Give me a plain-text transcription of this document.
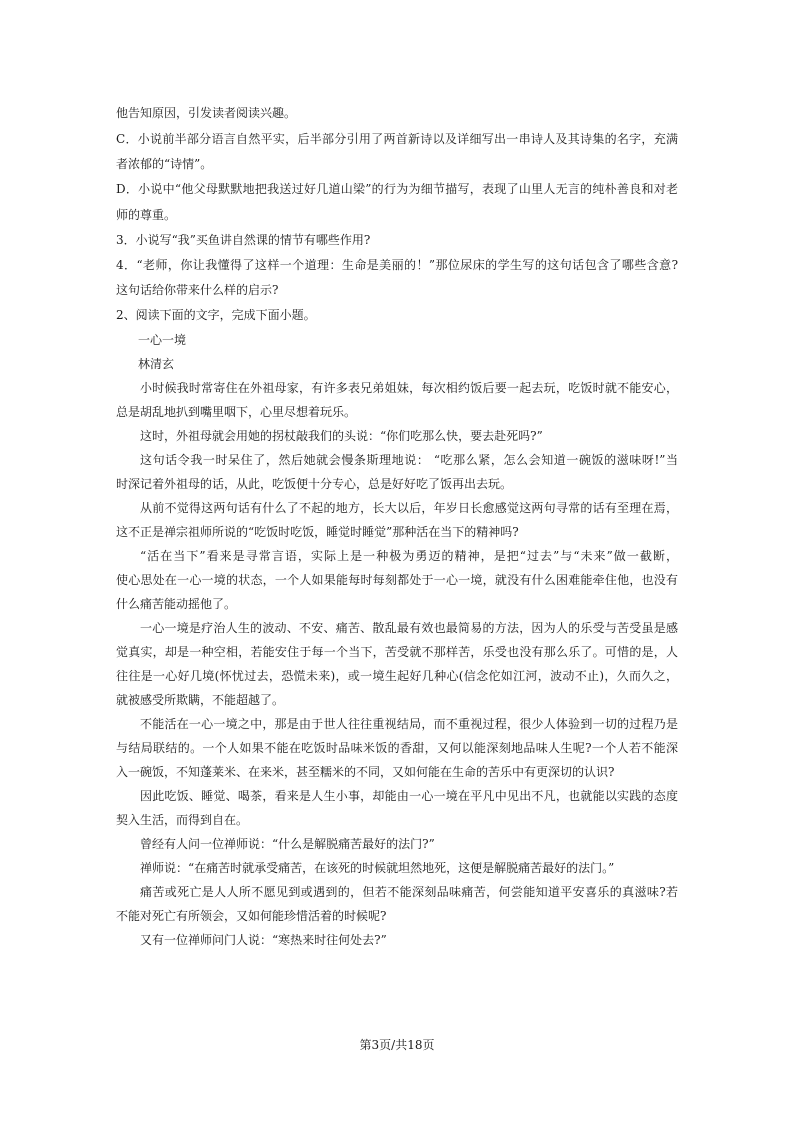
他告知原因，引发读者阅读兴趣。
C．小说前半部分语言自然平实，后半部分引用了两首新诗以及详细写出一串诗人及其诗集的名字，充满
者浓郁的“诗情”。
D．小说中“他父母默默地把我送过好几道山梁”的行为为细节描写，表现了山里人无言的纯朴善良和对老
师的尊重。
3．小说写“我”买鱼讲自然课的情节有哪些作用?
4．“老师，你让我懂得了这样一个道理：生命是美丽的！”那位尿床的学生写的这句话包含了哪些含意?
这句话给你带来什么样的启示?
2、阅读下面的文字，完成下面小题。
一心一境
林清玄
小时候我时常寄住在外祖母家，有许多表兄弟姐妹，每次相约饭后要一起去玩，吃饭时就不能安心，
总是胡乱地扒到嘴里咽下，心里尽想着玩乐。
这时，外祖母就会用她的拐杖敲我们的头说：“你们吃那么快，要去赴死吗?”
这句话令我一时呆住了，然后她就会慢条斯理地说： “吃那么紧，怎么会知道一碗饭的滋味呀!”当
时深记着外祖母的话，从此，吃饭便十分专心，总是好好吃了饭再出去玩。
从前不觉得这两句话有什么了不起的地方，长大以后，年岁日长愈感觉这两句寻常的话有至理在焉，
这不正是禅宗祖师所说的“吃饭时吃饭，睡觉时睡觉”那种活在当下的精神吗?
“活在当下”看来是寻常言语，实际上是一种极为勇迈的精神，是把“过去”与“未来”做一截断，
使心思处在一心一境的状态，一个人如果能每时每刻都处于一心一境，就没有什么困难能牵住他，也没有
什么痛苦能动摇他了。
一心一境是疗治人生的波动、不安、痛苦、散乱最有效也最简易的方法，因为人的乐受与苦受虽是感
觉真实，却是一种空相，若能安住于每一个当下，苦受就不那样苦，乐受也没有那么乐了。可惜的是，人
往往是一心好几境(怀忧过去，恐慌未来)，或一境生起好几种心(信念佗如江河，波动不止)，久而久之，
就被感受所欺瞒，不能超越了。
不能活在一心一境之中，那是由于世人往往重视结局，而不重视过程，很少人体验到一切的过程乃是
与结局联结的。一个人如果不能在吃饭时品味米饭的香甜，又何以能深刻地品味人生呢?一个人若不能深
入一碗饭，不知蓬莱米、在来米，甚至糯米的不同，又如何能在生命的苦乐中有更深切的认识?
因此吃饭、睡觉、喝茶，看来是人生小事，却能由一心一境在平凡中见出不凡，也就能以实践的态度
契入生活，而得到自在。
曾经有人问一位禅师说：“什么是解脱痛苦最好的法门?”
禅师说：“在痛苦时就承受痛苦，在该死的时候就坦然地死，这便是解脱痛苦最好的法门。”
痛苦或死亡是人人所不愿见到或遇到的，但若不能深刻品味痛苦，何尝能知道平安喜乐的真滋味?若
不能对死亡有所领会，又如何能珍惜活着的时候呢?
又有一位禅师问门人说：“寒热来时往何处去?”
第3页/共18页
